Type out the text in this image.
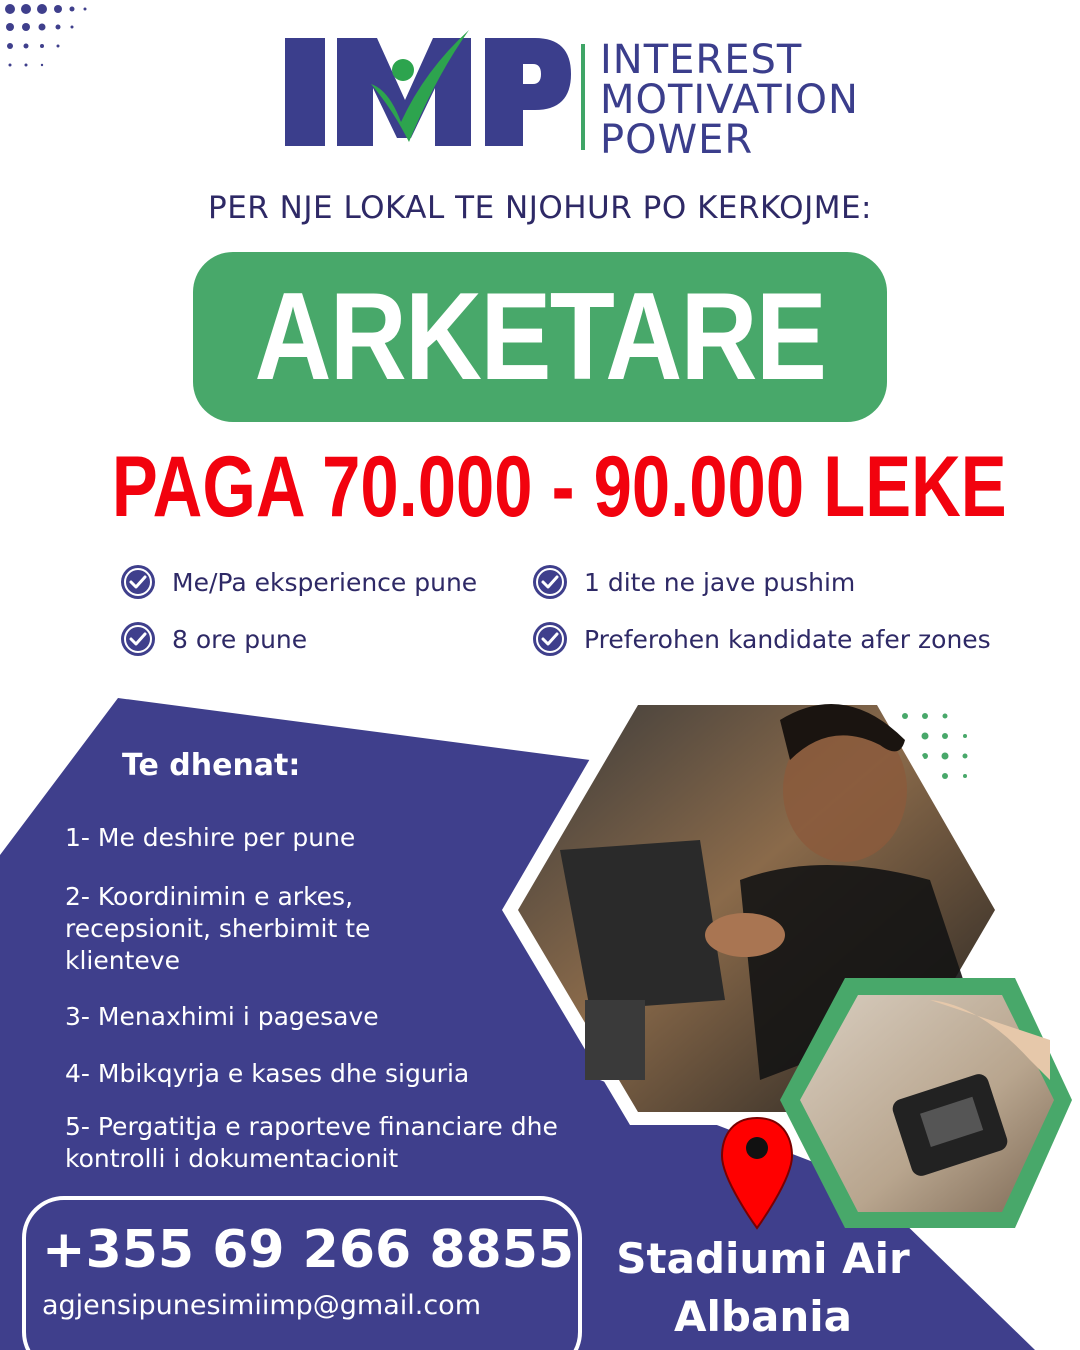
INTEREST
MOTIVATION
POWER
PER NJE LOKAL TE NJOHUR PO KERKOJME:
ARKETARE
PAGA 70.000 - 90.000 LEKE
Me/Pa eksperience pune	1 dite ne jave pushim
8 ore pune	Preferohen kandidate afer zones
Te dhenat:
1- Me deshire per pune
2- Koordinimin e arkes, recepsionit, sherbimit te klienteve
3- Menaxhimi i pagesave
4- Mbikqyrja e kases dhe siguria
5- Pergatitja e raporteve financiare dhe kontrolli i dokumentacionit
+355 69 266 8855
agjensipunesimiimp@gmail.com
Stadiumi Air Albania
